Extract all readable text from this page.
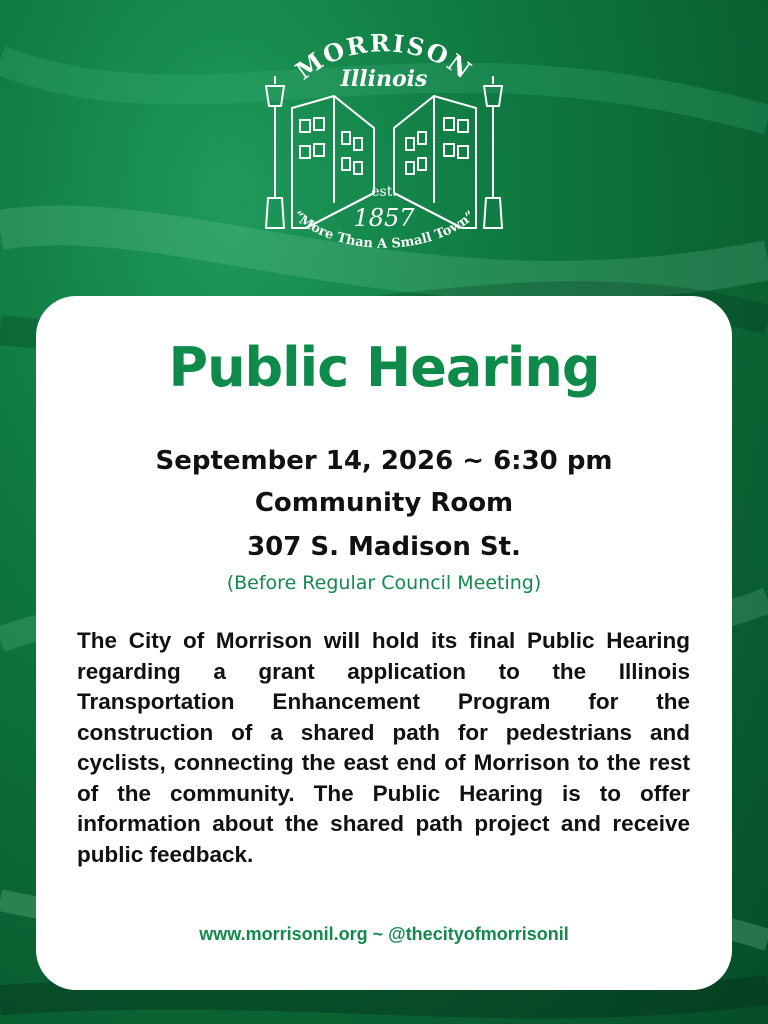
MORRISON
Illinois
est.
1857
“More Than A Small Town”
Public Hearing
September 14, 2026 ~ 6:30 pm
Community Room
307 S. Madison St.
(Before Regular Council Meeting)

The City of Morrison will hold its final Public Hearing regarding a grant application to the Illinois Transportation Enhancement Program for the construction of a shared path for pedestrians and cyclists, connecting the east end of Morrison to the rest of the community. The Public Hearing is to offer information about the shared path project and receive public feedback.

www.morrisonil.org ~ @thecityofmorrisonil
